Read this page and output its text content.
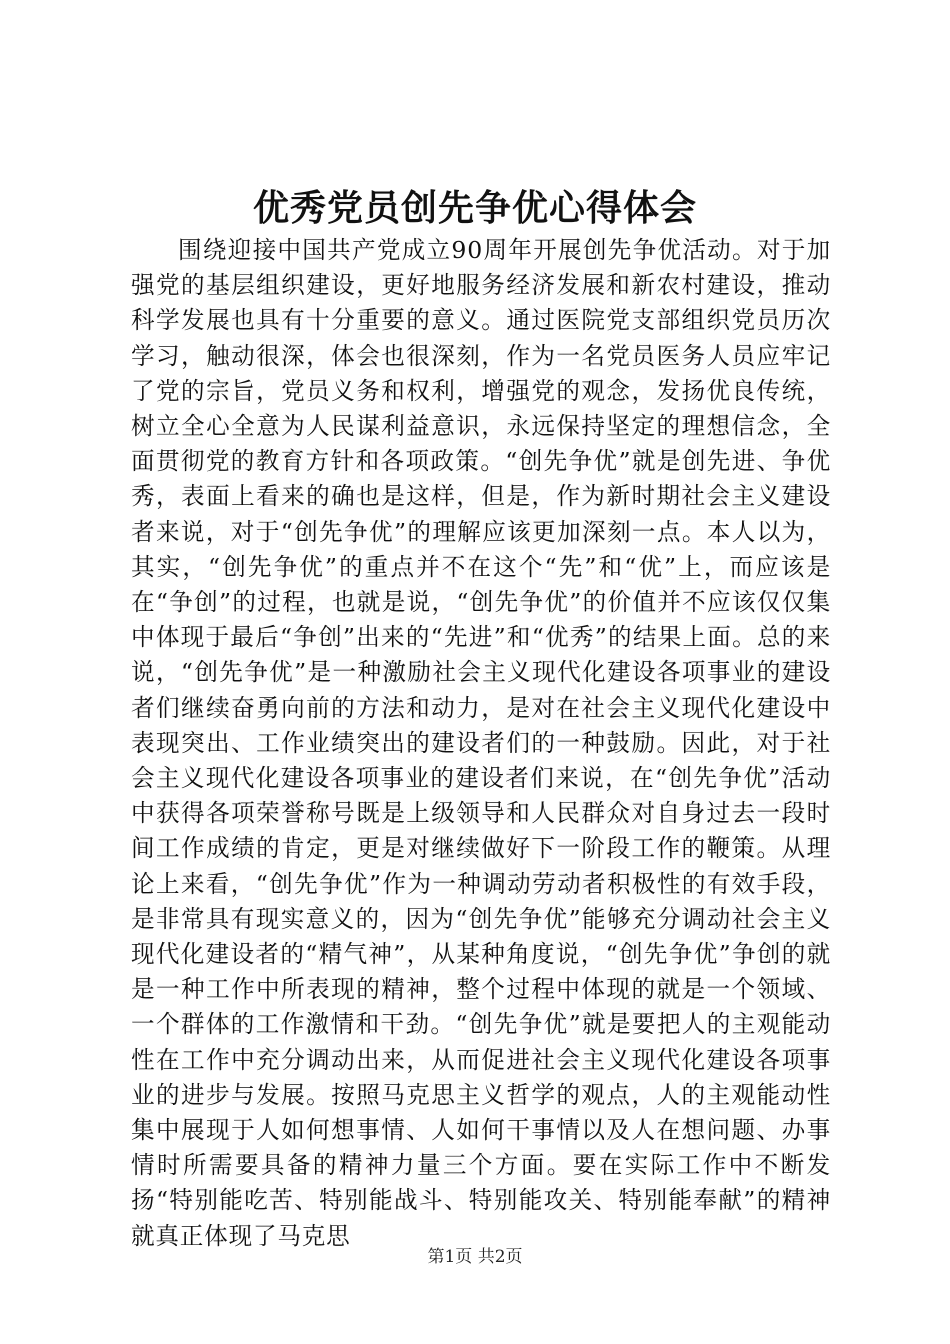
优秀党员创先争优心得体会

围绕迎接中国共产党成立90周年开展创先争优活动。对于加强党的基层组织建设，更好地服务经济发展和新农村建设，推动科学发展也具有十分重要的意义。通过医院党支部组织党员历次学习，触动很深，体会也很深刻，作为一名党员医务人员应牢记了党的宗旨，党员义务和权利，增强党的观念，发扬优良传统，树立全心全意为人民谋利益意识，永远保持坚定的理想信念，全面贯彻党的教育方针和各项政策。“创先争优”就是创先进、争优秀，表面上看来的确也是这样，但是，作为新时期社会主义建设者来说，对于“创先争优”的理解应该更加深刻一点。本人以为，其实，“创先争优”的重点并不在这个“先”和“优”上，而应该是在“争创”的过程，也就是说，“创先争优”的价值并不应该仅仅集中体现于最后“争创”出来的“先进”和“优秀”的结果上面。总的来说，“创先争优”是一种激励社会主义现代化建设各项事业的建设者们继续奋勇向前的方法和动力，是对在社会主义现代化建设中表现突出、工作业绩突出的建设者们的一种鼓励。因此，对于社会主义现代化建设各项事业的建设者们来说，在“创先争优”活动中获得各项荣誉称号既是上级领导和人民群众对自身过去一段时间工作成绩的肯定，更是对继续做好下一阶段工作的鞭策。从理论上来看，“创先争优”作为一种调动劳动者积极性的有效手段，是非常具有现实意义的，因为“创先争优”能够充分调动社会主义现代化建设者的“精气神”，从某种角度说，“创先争优”争创的就是一种工作中所表现的精神，整个过程中体现的就是一个领域、一个群体的工作激情和干劲。“创先争优”就是要把人的主观能动性在工作中充分调动出来，从而促进社会主义现代化建设各项事业的进步与发展。按照马克思主义哲学的观点，人的主观能动性集中展现于人如何想事情、人如何干事情以及人在想问题、办事情时所需要具备的精神力量三个方面。要在实际工作中不断发扬“特别能吃苦、特别能战斗、特别能攻关、特别能奉献”的精神就真正体现了马克思

第1页 共2页
